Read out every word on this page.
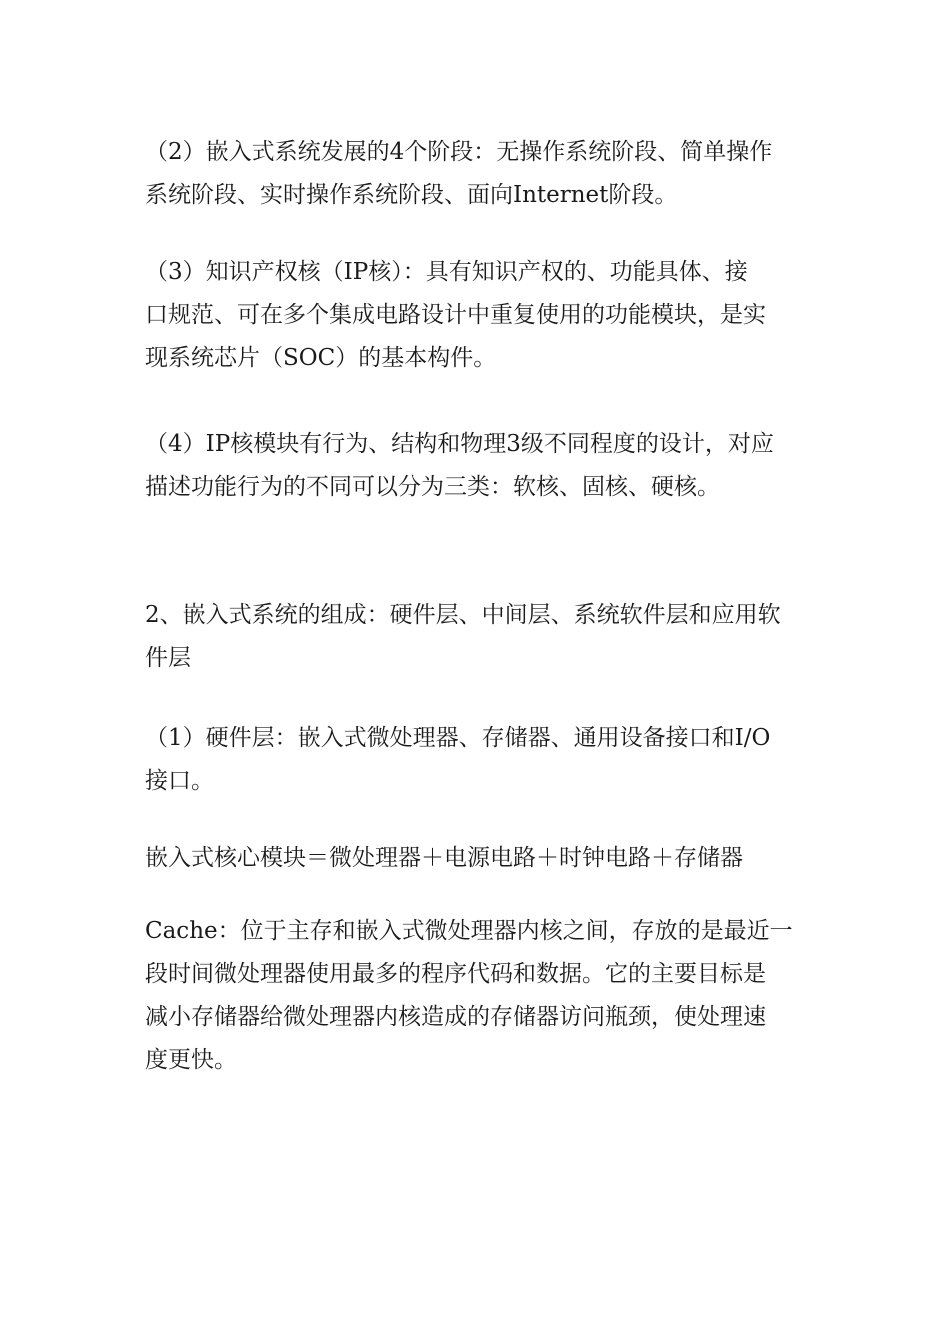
（2）嵌入式系统发展的4个阶段：无操作系统阶段、简单操作
系统阶段、实时操作系统阶段、面向Internet阶段。

（3）知识产权核（IP核）：具有知识产权的、功能具体、接
口规范、可在多个集成电路设计中重复使用的功能模块，是实
现系统芯片（SOC）的基本构件。

（4）IP核模块有行为、结构和物理3级不同程度的设计，对应
描述功能行为的不同可以分为三类：软核、固核、硬核。

2、嵌入式系统的组成：硬件层、中间层、系统软件层和应用软
件层

（1）硬件层：嵌入式微处理器、存储器、通用设备接口和I/O
接口。

嵌入式核心模块＝微处理器＋电源电路＋时钟电路＋存储器

Cache：位于主存和嵌入式微处理器内核之间，存放的是最近一
段时间微处理器使用最多的程序代码和数据。它的主要目标是
减小存储器给微处理器内核造成的存储器访问瓶颈，使处理速
度更快。
